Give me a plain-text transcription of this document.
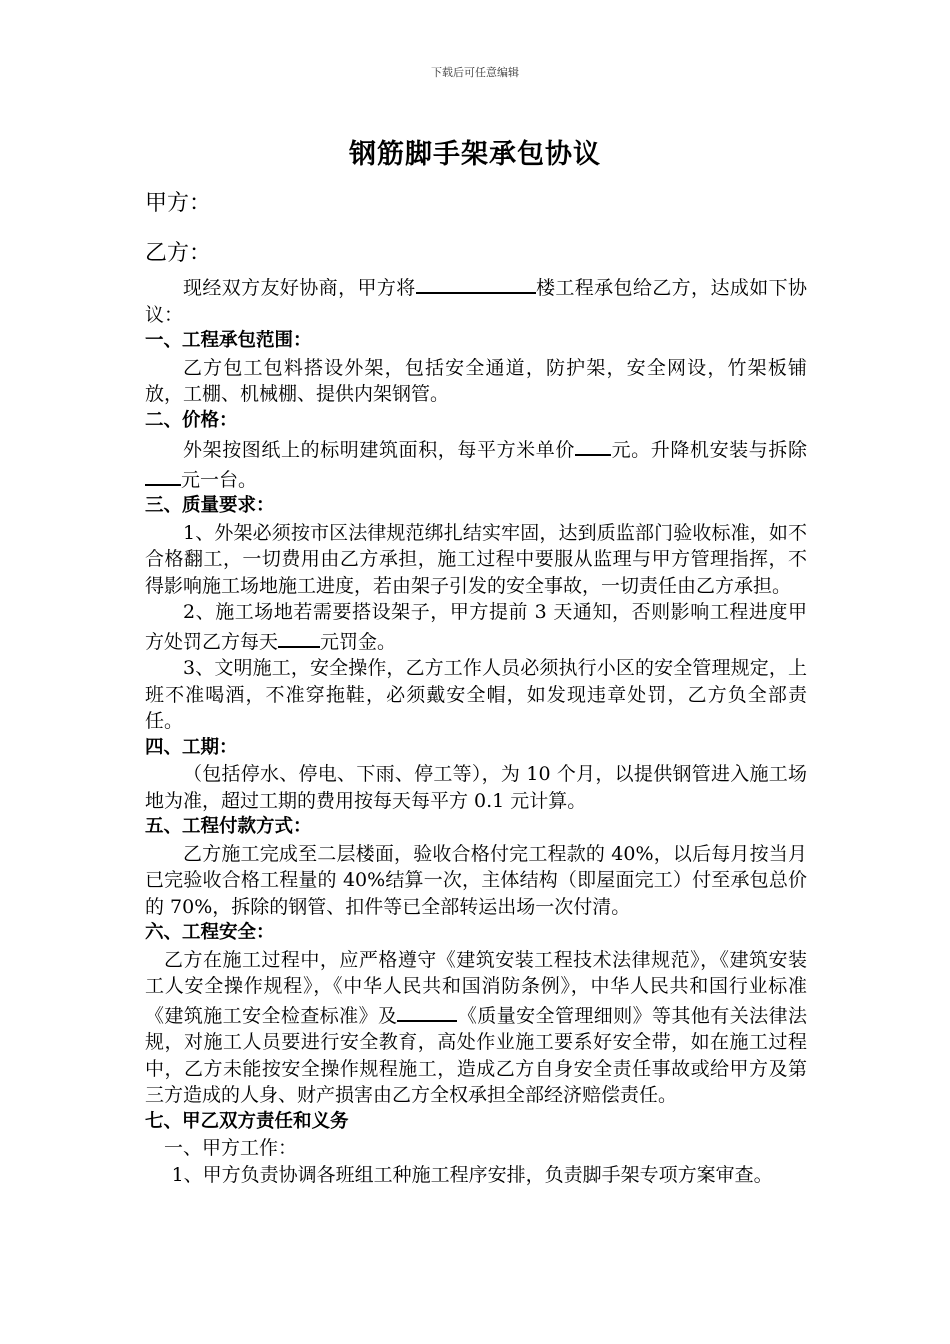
下载后可任意编辑
钢筋脚手架承包协议
甲方：
乙方：

现经双方友好协商，甲方将	楼工程承包给乙方，达成如下协议：

一、工程承包范围：

乙方包工包料搭设外架，包括安全通道，防护架，安全网设，竹架板铺放，工棚、机械棚、提供内架钢管。

二、价格：

外架按图纸上的标明建筑面积，每平方米单价 元。升降机安装与拆除元一台。

三、质量要求：

1、外架必须按市区法律规范绑扎结实牢固，达到质监部门验收标准，如不合格翻工，一切费用由乙方承担，施工过程中要服从监理与甲方管理指挥，不得影响施工场地施工进度，若由架子引发的安全事故，一切责任由乙方承担。

2、施工场地若需要搭设架子，甲方提前 3 天通知，否则影响工程进度甲方处罚乙方每天 元罚金。

3、文明施工，安全操作，乙方工作人员必须执行小区的安全管理规定，上班不准喝酒，不准穿拖鞋，必须戴安全帽，如发现违章处罚，乙方负全部责任。

四、工期：

（包括停水、停电、下雨、停工等），为 10 个月，以提供钢管进入施工场地为准，超过工期的费用按每天每平方 0.1 元计算。

五、工程付款方式：

乙方施工完成至二层楼面，验收合格付完工程款的 40%，以后每月按当月已完验收合格工程量的 40%结算一次，主体结构（即屋面完工）付至承包总价的 70%，拆除的钢管、扣件等已全部转运出场一次付清。

六、工程安全：

乙方在施工过程中，应严格遵守《建筑安装工程技术法律规范》，《建筑安装工人安全操作规程》，《中华人民共和国消防条例》，中华人民共和国行业标准《建筑施工安全检查标准》及	《质量安全管理细则》等其他有关法律法规，对施工人员要进行安全教育，高处作业施工要系好安全带，如在施工过程中，乙方未能按安全操作规程施工，造成乙方自身安全责任事故或给甲方及第三方造成的人身、财产损害由乙方全权承担全部经济赔偿责任。

七、甲乙双方责任和义务

一、甲方工作：

1、甲方负责协调各班组工种施工程序安排，负责脚手架专项方案审查。
